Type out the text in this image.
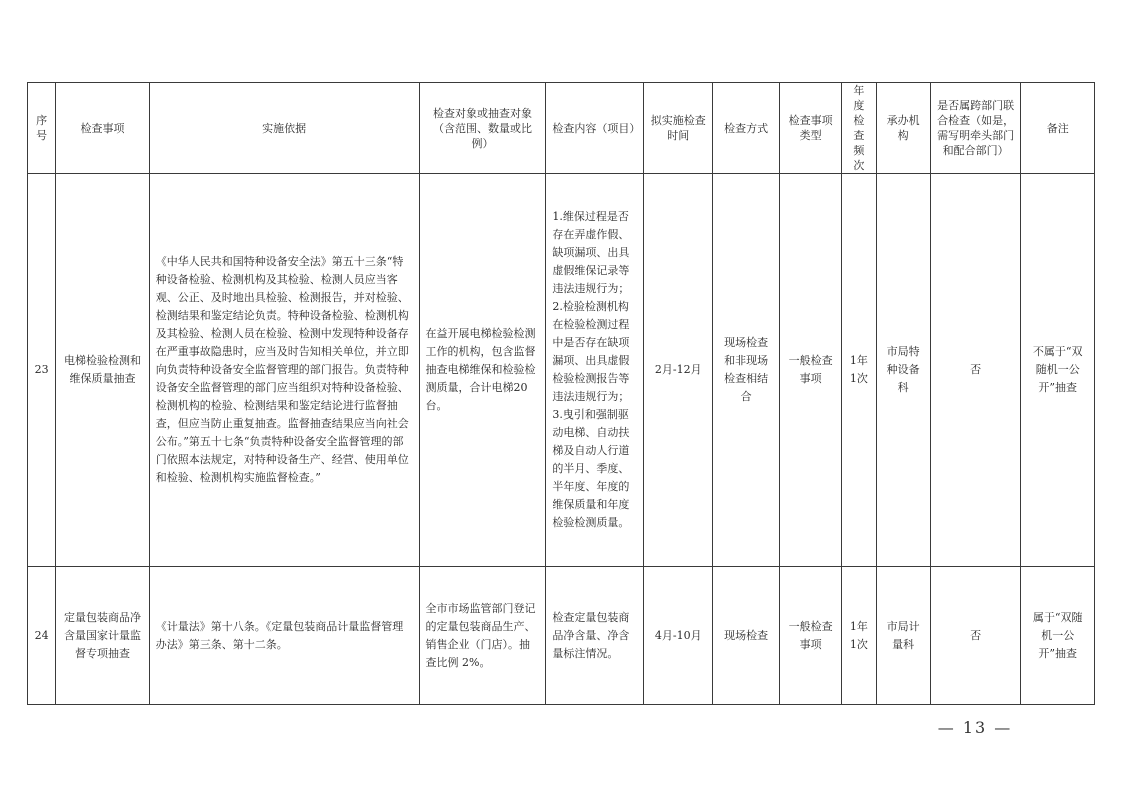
序号	检查事项	实施依据	检查对象或抽查对象（含范围、数量或比例）	检查内容（项目）	拟实施检查时间	检查方式	检查事项类型	年度检查频次	承办机构	是否属跨部门联合检查（如是，需写明牵头部门和配合部门）	备注
23	电梯检验检测和维保质量抽查	《中华人民共和国特种设备安全法》第五十三条“特种设备检验、检测机构及其检验、检测人员应当客观、公正、及时地出具检验、检测报告，并对检验、检测结果和鉴定结论负责。特种设备检验、检测机构及其检验、检测人员在检验、检测中发现特种设备存在严重事故隐患时，应当及时告知相关单位，并立即向负责特种设备安全监督管理的部门报告。负责特种设备安全监督管理的部门应当组织对特种设备检验、检测机构的检验、检测结果和鉴定结论进行监督抽查，但应当防止重复抽查。监督抽查结果应当向社会公布。”第五十七条“负责特种设备安全监督管理的部门依照本法规定，对特种设备生产、经营、使用单位和检验、检测机构实施监督检查。”	在益开展电梯检验检测工作的机构，包含监督抽查电梯维保和检验检测质量，合计电梯20台。	1.维保过程是否存在弄虚作假、缺项漏项、出具虚假维保记录等违法违规行为；2.检验检测机构在检验检测过程中是否存在缺项漏项、出具虚假检验检测报告等违法违规行为；3.曳引和强制驱动电梯、自动扶梯及自动人行道的半月、季度、半年度、年度的维保质量和年度检验检测质量。	2月-12月	现场检查和非现场检查相结合	一般检查事项	1年1次	市局特种设备科	否	不属于“双随机一公开”抽查
24	定量包装商品净含量国家计量监督专项抽查	《计量法》第十八条。《定量包装商品计量监督管理办法》第三条、第十二条。	全市市场监管部门登记的定量包装商品生产、销售企业（门店）。抽查比例 2%。	检查定量包装商品净含量、净含量标注情况。	4月-10月	现场检查	一般检查事项	1年1次	市局计量科	否	属于“双随机一公开”抽查
— 13 —
